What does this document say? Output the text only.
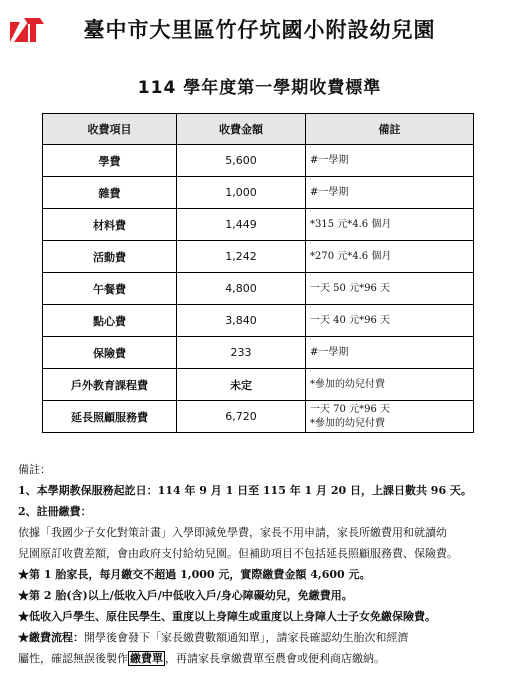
臺中市大里區竹仔坑國小附設幼兒園
114 學年度第一學期收費標準
收費項目	收費金額	備註
學費	5,600	#一學期

雜費	1,000	#一學期

材料費	1,449	*315 元*4.6 個月

活動費	1,242	*270 元*4.6 個月

午餐費	4,800	一天 50 元*96 天

點心費	3,840	一天 40 元*96 天

保險費	233	#一學期

戶外教育課程費	未定	*參加的幼兒付費

延長照顧服務費	6,720	一天 70 元*96 天
*參加的幼兒付費
備註：
1、本學期教保服務起訖日：114 年 9 月 1 日至 115 年 1 月 20 日，上課日數共 96 天。
2、註冊繳費：
依據「我國少子女化對策計畫」入學即減免學費，家長不用申請，家長所繳費用和就讀幼
兒園原訂收費差額，會由政府支付給幼兒園。但補助項目不包括延長照顧服務費、保險費。
★第 1 胎家長，每月繳交不超過 1,000 元，實際繳費金額 4,600 元。
★第 2 胎(含)以上/低收入戶/中低收入戶/身心障礙幼兒，免繳費用。
★低收入戶學生、原住民學生、重度以上身障生或重度以上身障人士子女免繳保險費。
★繳費流程：開學後會發下「家長繳費數額通知單」，請家長確認幼生胎次和經濟
屬性，確認無誤後製作 繳費單 ，再請家長拿繳費單至農會或便利商店繳納。
